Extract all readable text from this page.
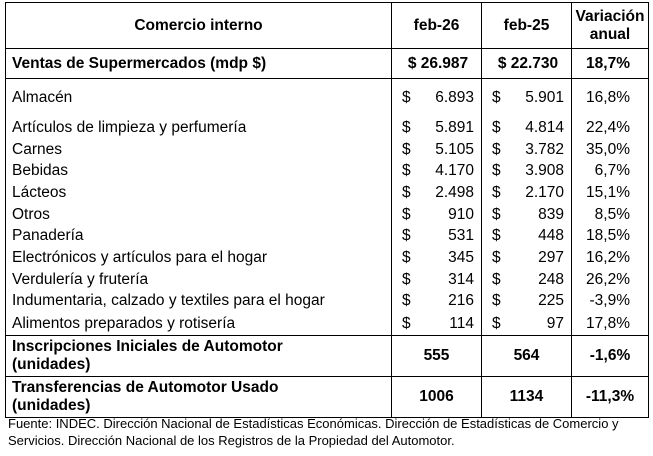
Comercio interno	feb-26	feb-25	Variación
anual
Ventas de Supermercados (mdp $)	$ 26.987	$ 22.730	18,7%
Almacén	$ 6.893	$ 5.901	16,8%
Artículos de limpieza y perfumería	$ 5.891	$ 4.814	22,4%
Carnes	$ 5.105	$ 3.782	35,0%
Bebidas	$ 4.170	$ 3.908	6,7%
Lácteos	$ 2.498	$ 2.170	15,1%
Otros	$ 910	$ 839	8,5%
Panadería	$ 531	$ 448	18,5%
Electrónicos y artículos para el hogar	$ 345	$ 297	16,2%
Verdulería y frutería	$ 314	$ 248	26,2%
Indumentaria, calzado y textiles para el hogar	$ 216	$ 225	-3,9%
Alimentos preparados y rotisería	$ 114	$ 97	17,8%
Inscripciones Iniciales de Automotor
(unidades)	555	564	-1,6%
Transferencias de Automotor Usado
(unidades)	1006	1134	-11,3%
Fuente: INDEC. Dirección Nacional de Estadísticas Económicas. Dirección de Estadísticas de Comercio y Servicios. Dirección Nacional de los Registros de la Propiedad del Automotor.
